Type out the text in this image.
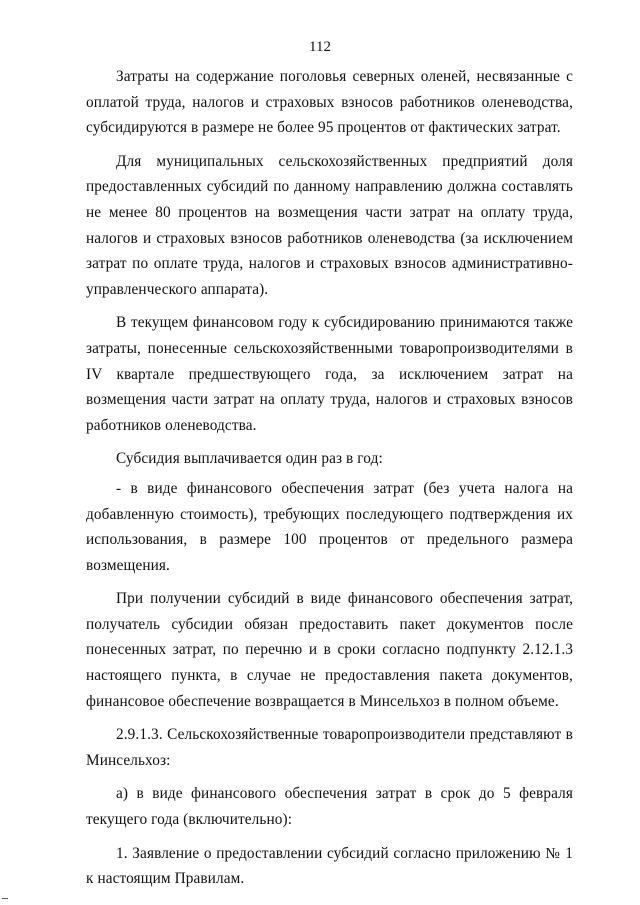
112

Затраты на содержание поголовья северных оленей, несвязанные с оплатой труда, налогов и страховых взносов работников оленеводства, субсидируются в размере не более 95 процентов от фактических затрат.

Для муниципальных сельскохозяйственных предприятий доля предоставленных субсидий по данному направлению должна составлять не менее 80 процентов на возмещения части затрат на оплату труда, налогов и страховых взносов работников оленеводства (за исключением затрат по оплате труда, налогов и страховых взносов административно-управленческого аппарата).

В текущем финансовом году к субсидированию принимаются также затраты, понесенные сельскохозяйственными товаропроизводителями в IV квартале предшествующего года, за исключением затрат на возмещения части затрат на оплату труда, налогов и страховых взносов работников оленеводства.

Субсидия выплачивается один раз в год:

- в виде финансового обеспечения затрат (без учета налога на добавленную стоимость), требующих последующего подтверждения их использования, в размере 100 процентов от предельного размера возмещения.

При получении субсидий в виде финансового обеспечения затрат, получатель субсидии обязан предоставить пакет документов после понесенных затрат, по перечню и в сроки согласно подпункту 2.12.1.3 настоящего пункта, в случае не предоставления пакета документов, финансовое обеспечение возвращается в Минсельхоз в полном объеме.

2.9.1.3. Сельскохозяйственные товаропроизводители представляют в Минсельхоз:

а) в виде финансового обеспечения затрат в срок до 5 февраля текущего года (включительно):

1. Заявление о предоставлении субсидий согласно приложению № 1 к настоящим Правилам.
